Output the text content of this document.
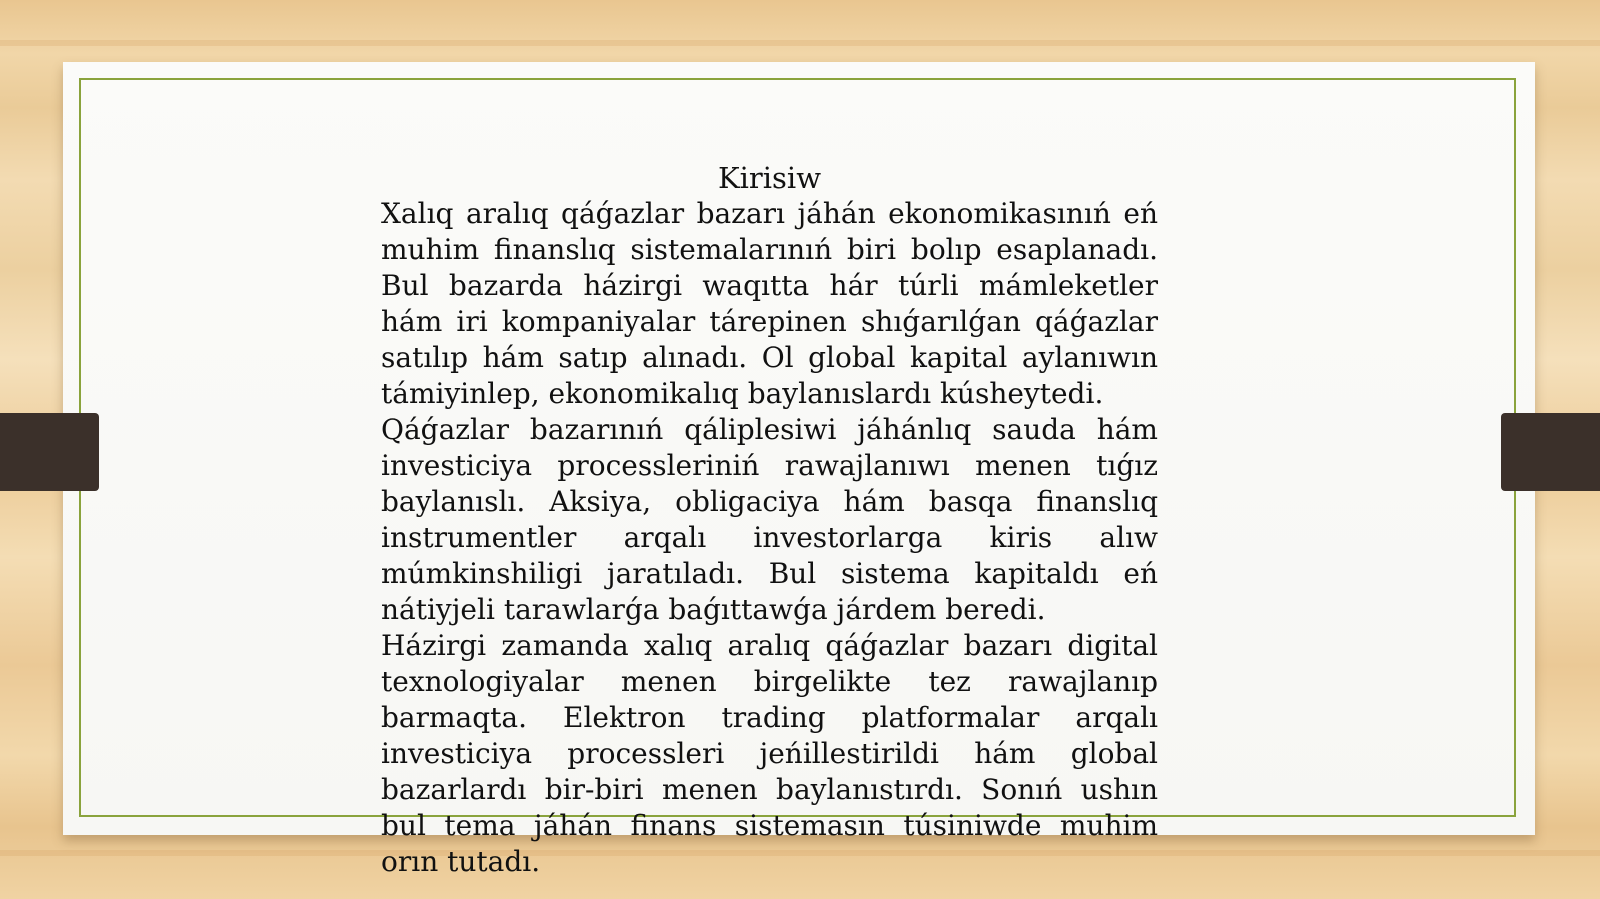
Kirisiw

Xalıq aralıq qáǵazlar bazarı jáhán ekonomikasınıń eń muhim finanslıq sistemalarınıń biri bolıp esaplanadı. Bul bazarda házirgi waqıtta hár túrli mámleketler hám iri kompaniyalar tárepinen shıǵarılǵan qáǵazlar satılıp hám satıp alınadı. Ol global kapital aylanıwın támiyinlep, ekonomikalıq baylanıslardı kúsheytedi.

Qáǵazlar bazarınıń qáliplesiwi jáhánlıq sauda hám investiciya processleriniń rawajlanıwı menen tıǵız baylanıslı. Aksiya, obligaciya hám basqa finanslıq instrumentler arqalı investorlarga kiris alıw múmkinshiligi jaratıladı. Bul sistema kapitaldı eń nátiyjeli tarawlarǵa baǵıttawǵa járdem beredi.

Házirgi zamanda xalıq aralıq qáǵazlar bazarı digital texnologiyalar menen birgelikte tez rawajlanıp barmaqta. Elektron trading platformalar arqalı investiciya processleri jeńillestirildi hám global bazarlardı bir-biri menen baylanıstırdı. Sonıń ushın bul tema jáhán finans sistemasın túsiniwde muhim orın tutadı.
